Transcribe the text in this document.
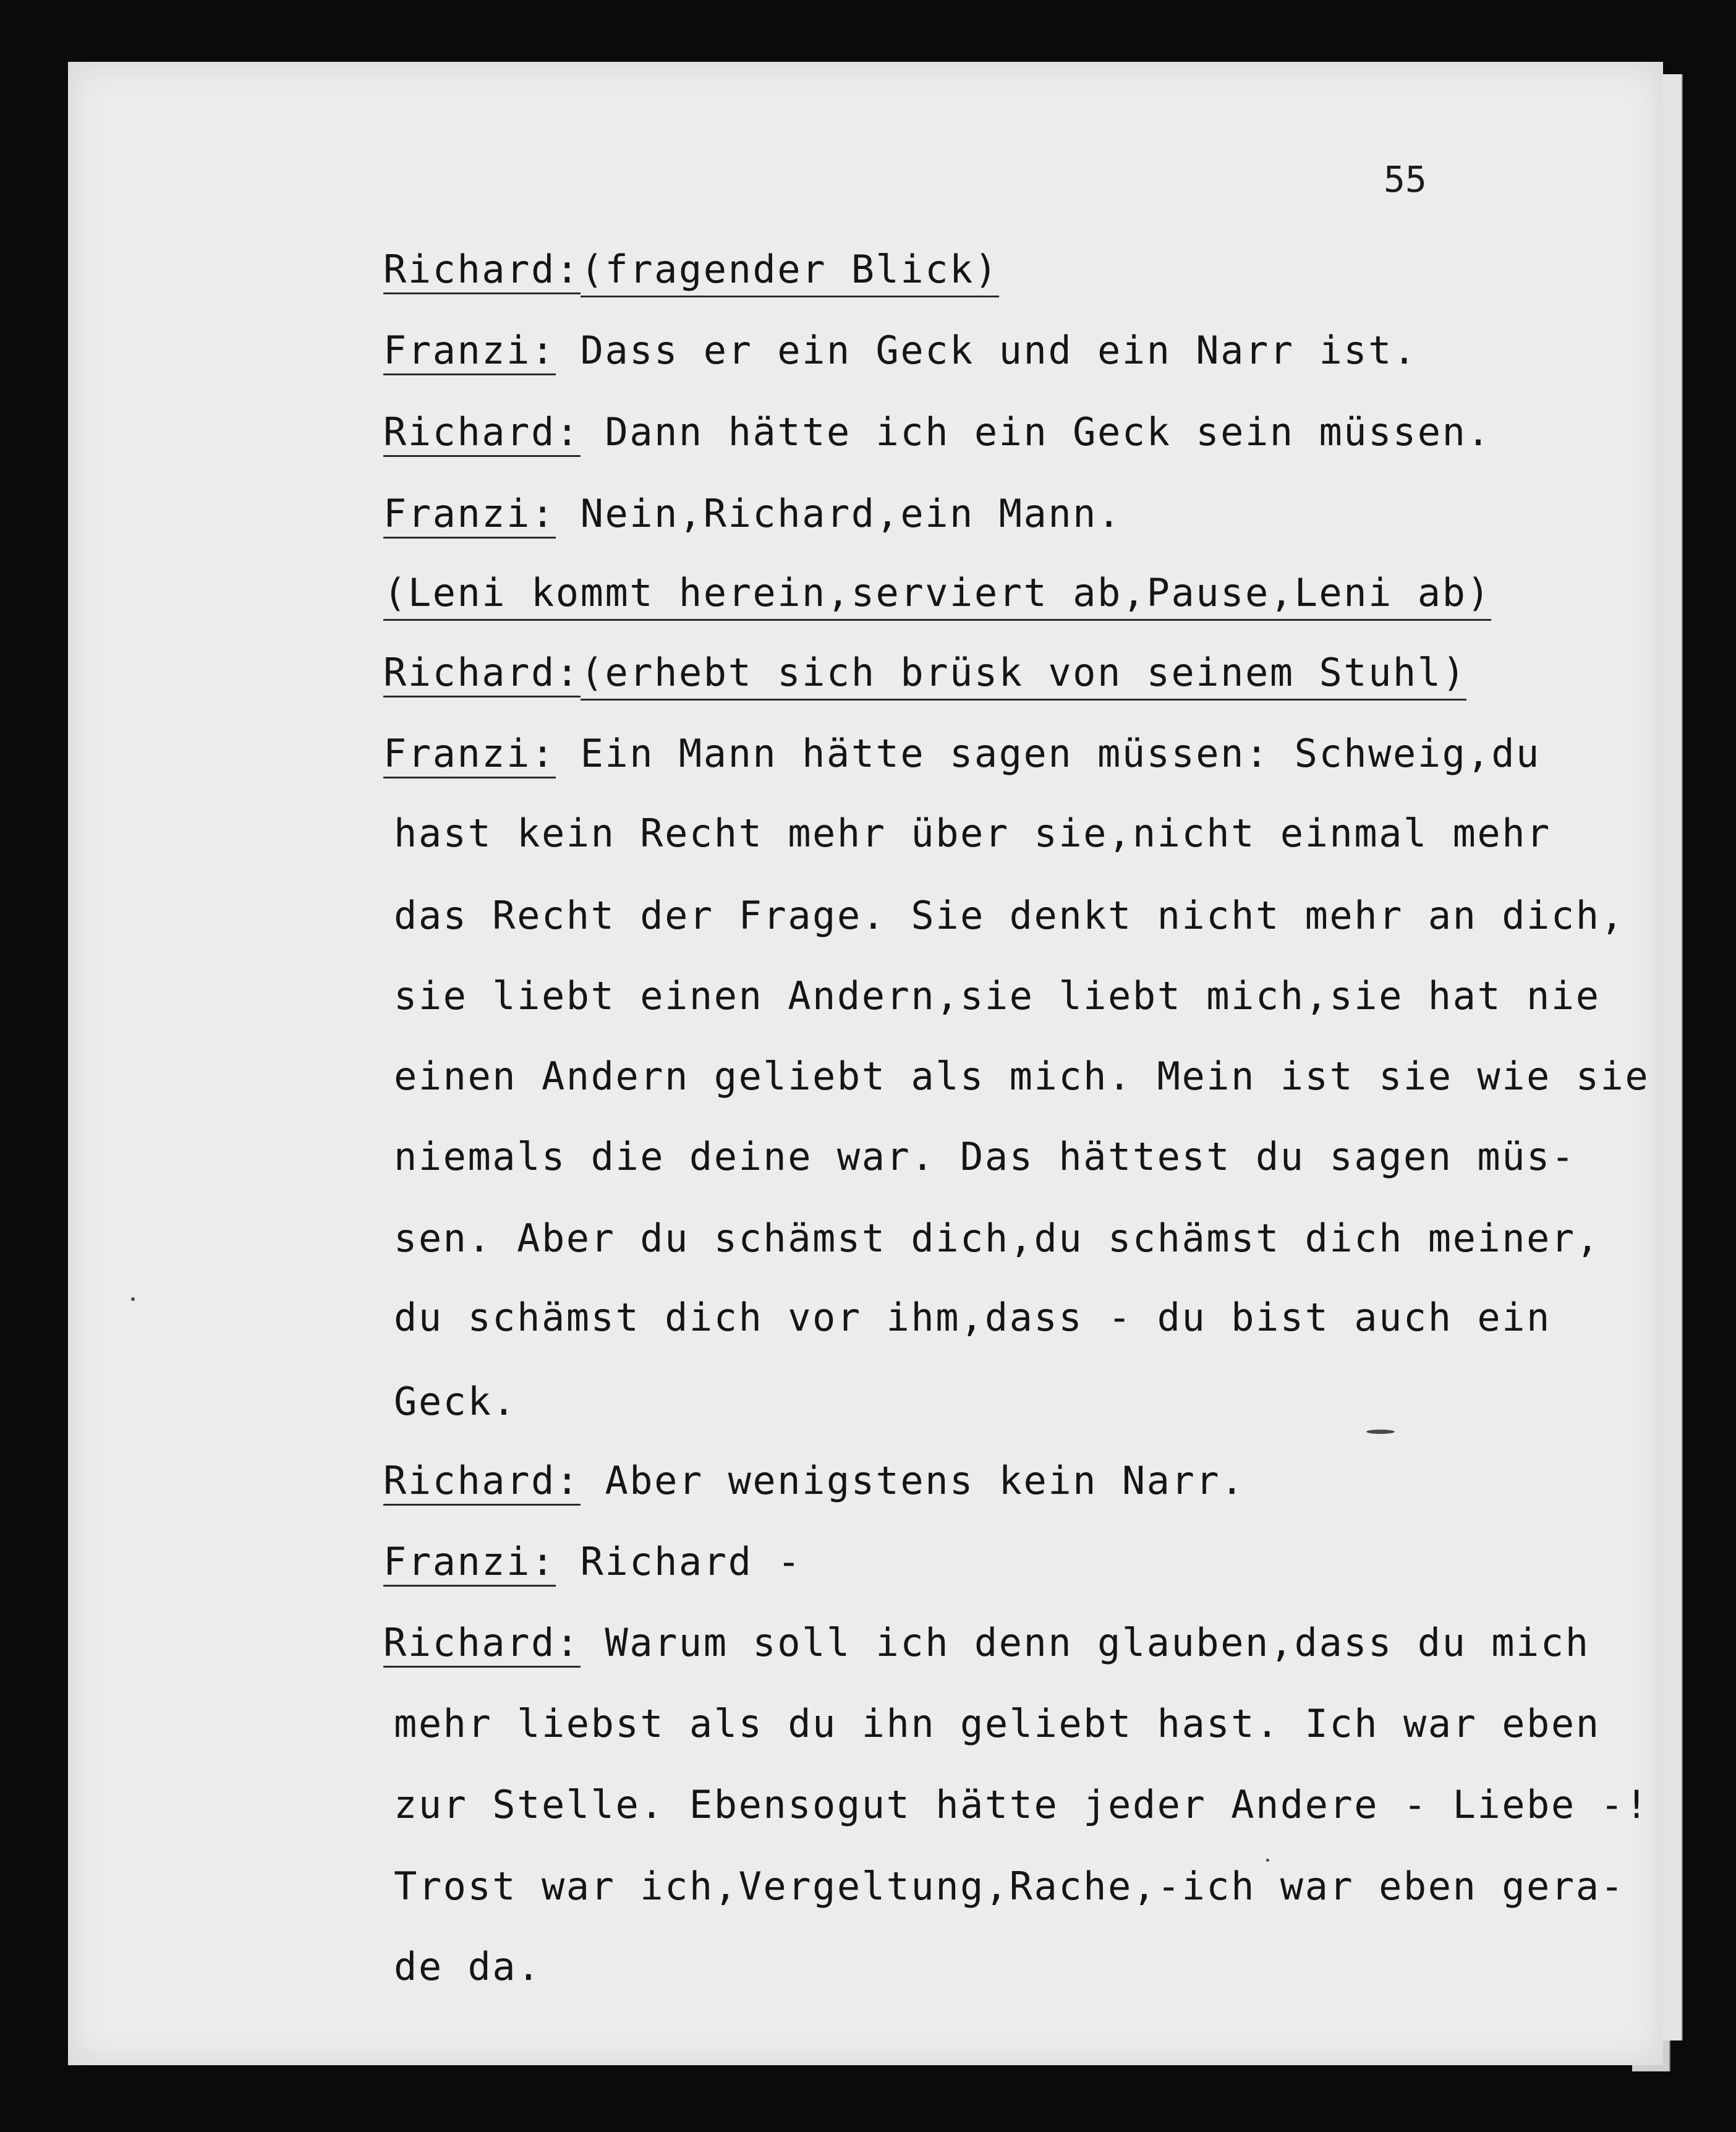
55
Richard:(fragender Blick)
Franzi: Dass er ein Geck und ein Narr ist.
Richard: Dann hätte ich ein Geck sein müssen.
Franzi: Nein,Richard,ein Mann.
(Leni kommt herein,serviert ab,Pause,Leni ab)
Richard:(erhebt sich brüsk von seinem Stuhl)
Franzi: Ein Mann hätte sagen müssen: Schweig,du
hast kein Recht mehr über sie,nicht einmal mehr
das Recht der Frage. Sie denkt nicht mehr an dich,
sie liebt einen Andern,sie liebt mich,sie hat nie
einen Andern geliebt als mich. Mein ist sie wie sie
niemals die deine war. Das hättest du sagen müs-
sen. Aber du schämst dich,du schämst dich meiner,
du schämst dich vor ihm,dass - du bist auch ein
Geck.
Richard: Aber wenigstens kein Narr.
Franzi: Richard -
Richard: Warum soll ich denn glauben,dass du mich
mehr liebst als du ihn geliebt hast. Ich war eben
zur Stelle. Ebensogut hätte jeder Andere - Liebe -!
Trost war ich,Vergeltung,Rache,-ich war eben gera-
de da.
